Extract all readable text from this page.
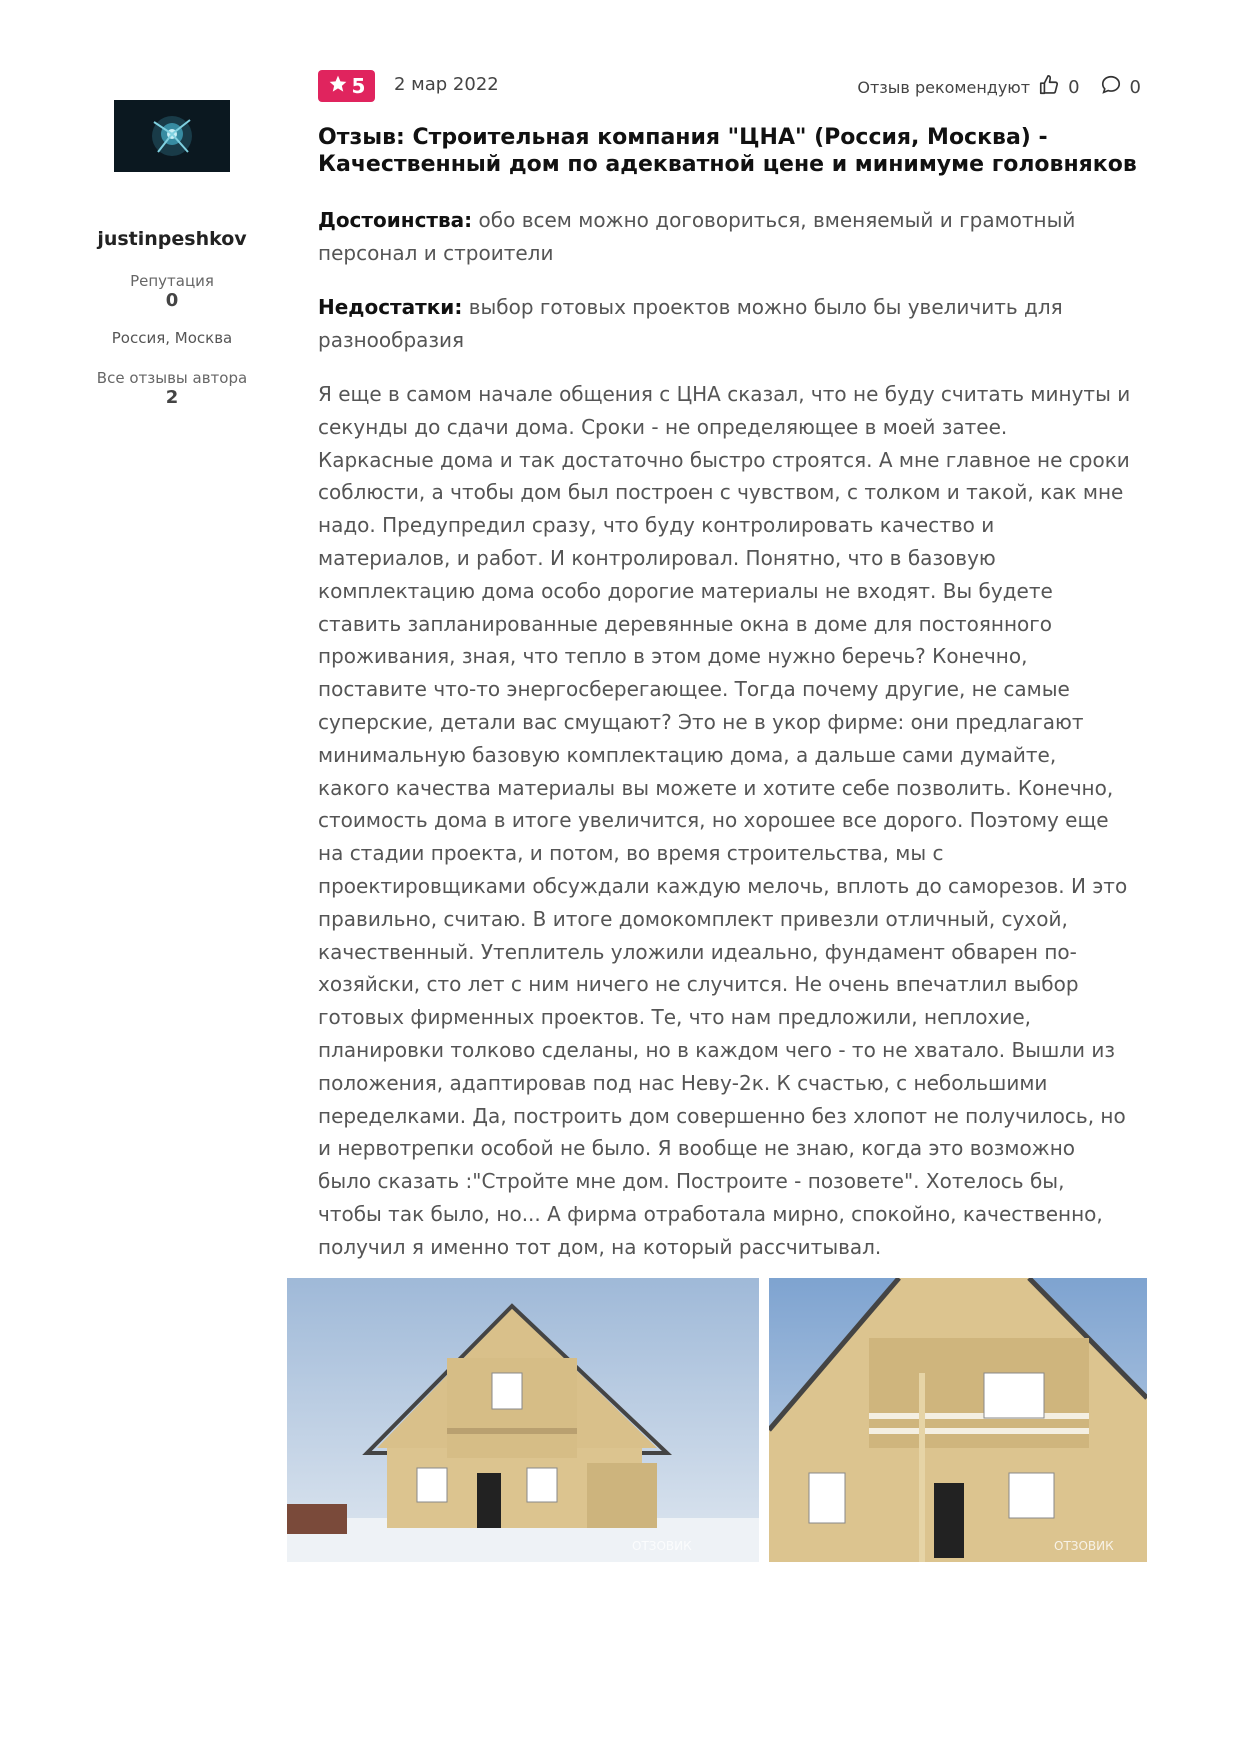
justinpeshkov
Репутация
0
Россия, Москва
Все отзывы автора
2
5 2 мар 2022	Отзыв рекомендуют 0	0
Отзыв: Строительная компания "ЦНА" (Россия, Москва) -
Качественный дом по адекватной цене и минимуме головняков
Достоинства: обо всем можно договориться, вменяемый и грамотный персонал и строители
Недостатки: выбор готовых проектов можно было бы увеличить для разнообразия
Я еще в самом начале общения с ЦНА сказал, что не буду считать минуты и
секунды до сдачи дома. Сроки - не определяющее в моей затее.
Каркасные дома и так достаточно быстро строятся. А мне главное не сроки
соблюсти, а чтобы дом был построен с чувством, с толком и такой, как мне
надо. Предупредил сразу, что буду контролировать качество и
материалов, и работ. И контролировал. Понятно, что в базовую
комплектацию дома особо дорогие материалы не входят. Вы будете
ставить запланированные деревянные окна в доме для постоянного
проживания, зная, что тепло в этом доме нужно беречь? Конечно,
поставите что-то энергосберегающее. Тогда почему другие, не самые
суперские, детали вас смущают? Это не в укор фирме: они предлагают
минимальную базовую комплектацию дома, а дальше сами думайте,
какого качества материалы вы можете и хотите себе позволить. Конечно,
стоимость дома в итоге увеличится, но хорошее все дорого. Поэтому еще
на стадии проекта, и потом, во время строительства, мы с
проектировщиками обсуждали каждую мелочь, вплоть до саморезов. И это
правильно, считаю. В итоге домокомплект привезли отличный, сухой,
качественный. Утеплитель уложили идеально, фундамент обварен по-
хозяйски, сто лет с ним ничего не случится. Не очень впечатлил выбор
готовых фирменных проектов. Те, что нам предложили, неплохие,
планировки толково сделаны, но в каждом чего - то не хватало. Вышли из
положения, адаптировав под нас Неву-2к. К счастью, с небольшими
переделками. Да, построить дом совершенно без хлопот не получилось, но
и нервотрепки особой не было. Я вообще не знаю, когда это возможно
было сказать :"Стройте мне дом. Построите - позовете". Хотелось бы,
чтобы так было, но... А фирма отработала мирно, спокойно, качественно,
получил я именно тот дом, на который рассчитывал.
ОТЗОВИК	ОТЗОВИК
